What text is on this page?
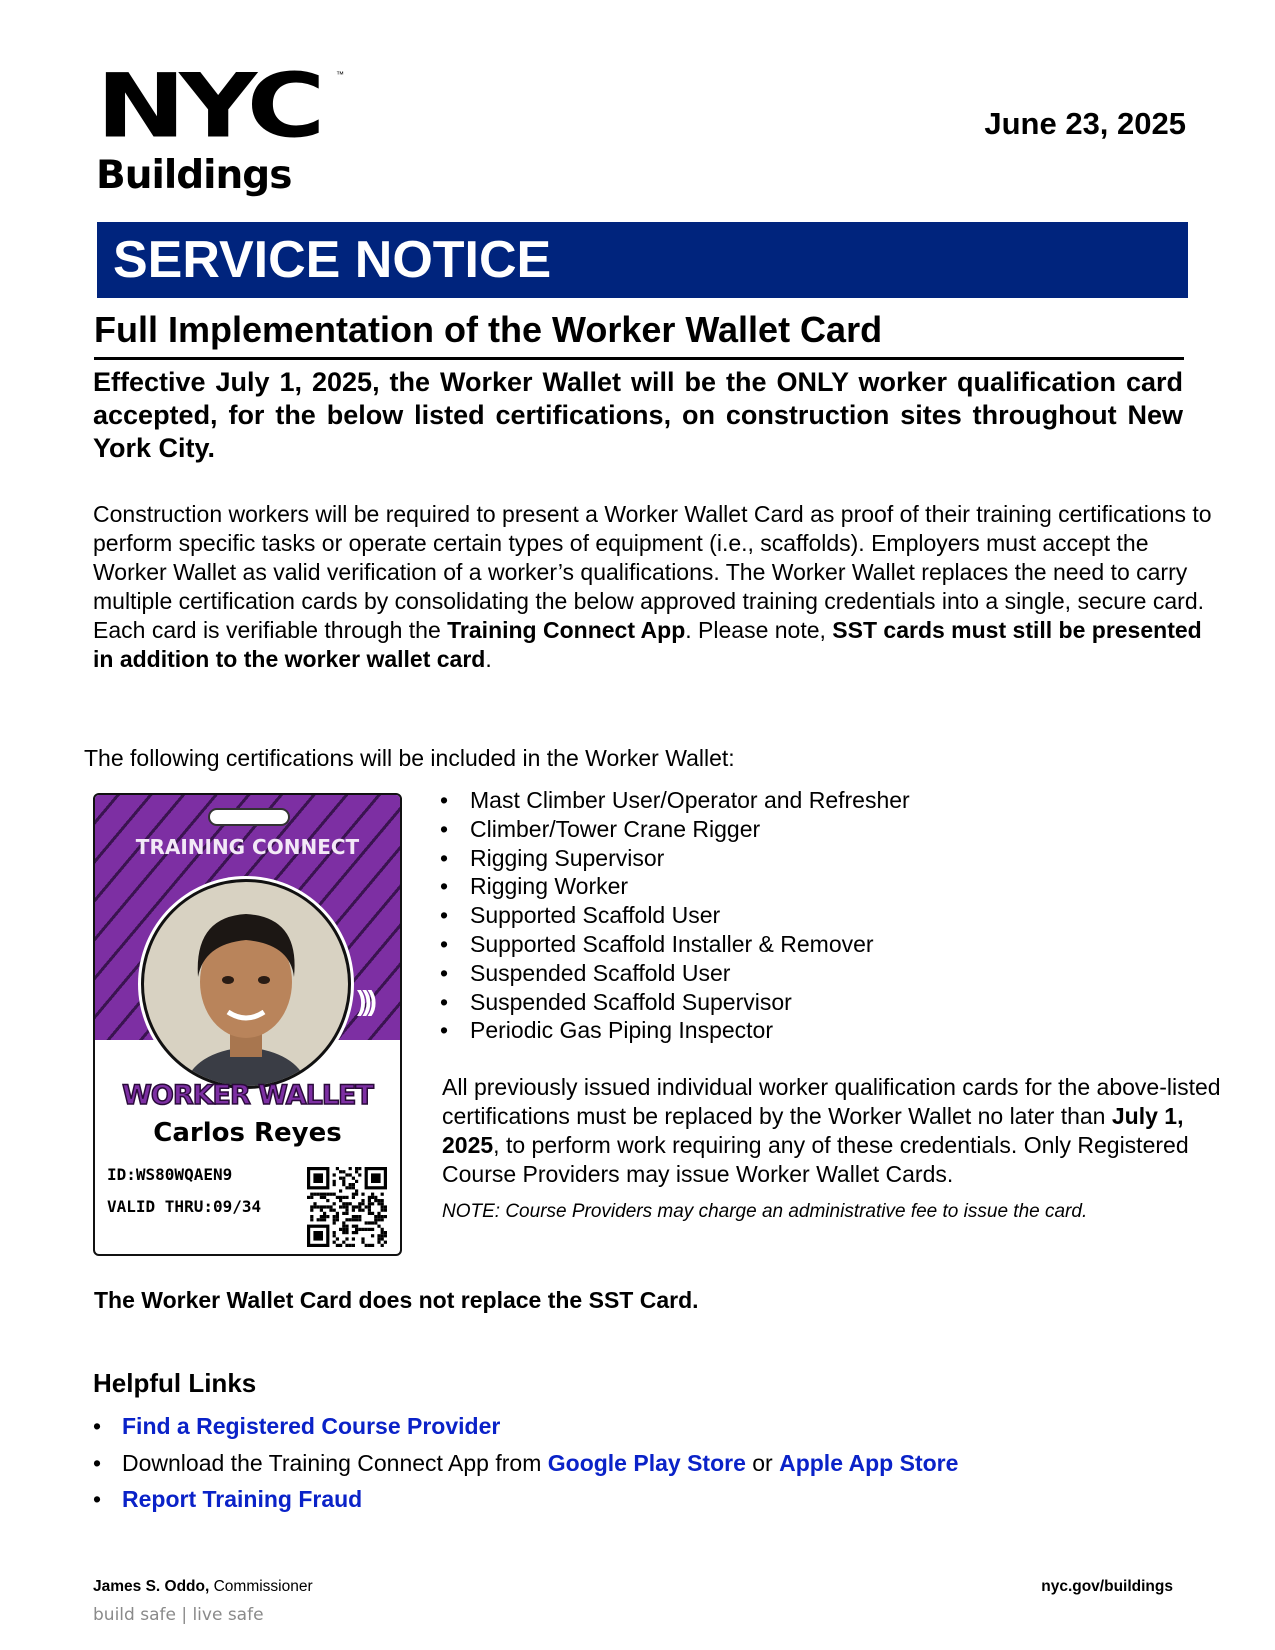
NYC ™
Buildings
June 23, 2025
SERVICE NOTICE
Full Implementation of the Worker Wallet Card
Effective July 1, 2025, the Worker Wallet will be the ONLY worker qualification card accepted, for the below listed certifications, on construction sites throughout New York City.
Construction workers will be required to present a Worker Wallet Card as proof of their training certifications to perform specific tasks or operate certain types of equipment (i.e., scaffolds). Employers must accept the Worker Wallet as valid verification of a worker’s qualifications. The Worker Wallet replaces the need to carry multiple certification cards by consolidating the below approved training credentials into a single, secure card. Each card is verifiable through the Training Connect App. Please note, SST cards must still be presented in addition to the worker wallet card.
The following certifications will be included in the Worker Wallet:
TRAINING CONNECT
)))
WORKER WALLET
Carlos Reyes
ID:WS80WQAEN9
VALID THRU:09/34
• Mast Climber User/Operator and Refresher
• Climber/Tower Crane Rigger
• Rigging Supervisor
• Rigging Worker
• Supported Scaffold User
• Supported Scaffold Installer & Remover
• Suspended Scaffold User
• Suspended Scaffold Supervisor
• Periodic Gas Piping Inspector
All previously issued individual worker qualification cards for the above-listed certifications must be replaced by the Worker Wallet no later than July 1, 2025, to perform work requiring any of these credentials. Only Registered Course Providers may issue Worker Wallet Cards.
NOTE: Course Providers may charge an administrative fee to issue the card.
The Worker Wallet Card does not replace the SST Card.
Helpful Links
• Find a Registered Course Provider
• Download the Training Connect App from Google Play Store or Apple App Store
• Report Training Fraud
James S. Oddo, Commissioner
build safe | live safe
nyc.gov/buildings
